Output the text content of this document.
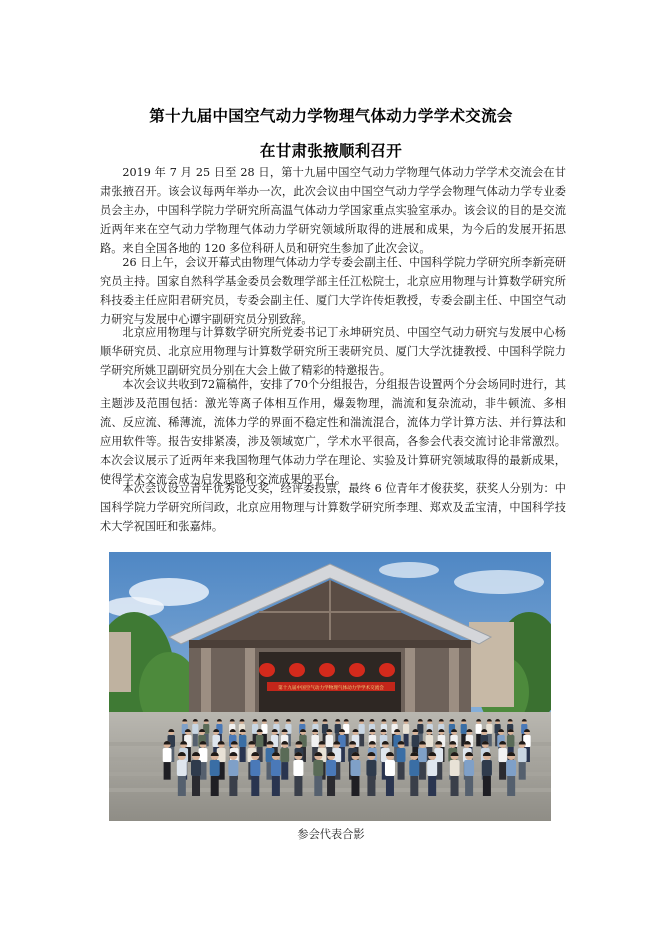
第十九届中国空气动力学物理气体动力学学术交流会
在甘肃张掖顺利召开

2019 年 7 月 25 日至 28 日，第十九届中国空气动力学物理气体动力学学术交流会在甘肃张掖召开。该会议每两年举办一次，此次会议由中国空气动力学学会物理气体动力学专业委员会主办，中国科学院力学研究所高温气体动力学国家重点实验室承办。该会议的目的是交流近两年来在空气动力学物理气体动力学研究领域所取得的进展和成果，为今后的发展开拓思路。来自全国各地的 120 多位科研人员和研究生参加了此次会议。

26 日上午，会议开幕式由物理气体动力学专委会副主任、中国科学院力学研究所李新亮研究员主持。国家自然科学基金委员会数理学部主任江松院士，北京应用物理与计算数学研究所科技委主任应阳君研究员，专委会副主任、厦门大学许传炬教授，专委会副主任、中国空气动力研究与发展中心谭宇副研究员分别致辞。

北京应用物理与计算数学研究所党委书记丁永坤研究员、中国空气动力研究与发展中心杨顺华研究员、北京应用物理与计算数学研究所王裴研究员、厦门大学沈捷教授、中国科学院力学研究所姚卫副研究员分别在大会上做了精彩的特邀报告。

本次会议共收到72篇稿件，安排了70个分组报告，分组报告设置两个分会场同时进行，其主题涉及范围包括：激光等离子体相互作用，爆轰物理，湍流和复杂流动，非牛顿流、多相流、反应流、稀薄流，流体力学的界面不稳定性和湍流混合，流体力学计算方法、并行算法和应用软件等。报告安排紧凑，涉及领域宽广，学术水平很高，各参会代表交流讨论非常激烈。本次会议展示了近两年来我国物理气体动力学在理论、实验及计算研究领域取得的最新成果，使得学术交流会成为启发思路和交流成果的平台。

本次会议设立青年优秀论文奖，经评委投票，最终 6 位青年才俊获奖，获奖人分别为：中国科学院力学研究所闫政，北京应用物理与计算数学研究所李理、郑欢及孟宝清，中国科学技术大学祝国旺和张嘉炜。

第十九届中国空气动力学物理气体动力学学术交流会
参会代表合影
